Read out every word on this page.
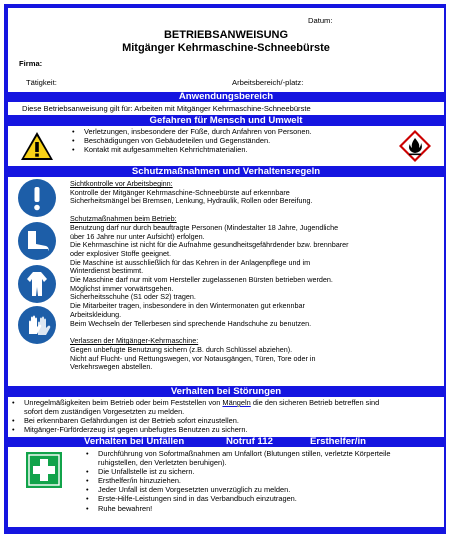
Datum:
BETRIEBSANWEISUNG
Mitgänger Kehrmaschine-Schneebürste
Firma:
Tätigkeit:	Arbeitsbereich/-platz:
Anwendungsbereich
Diese Betriebsanweisung gilt für: Arbeiten mit Mitgänger Kehrmaschine-Schneebürste
Gefahren für Mensch und Umwelt
• Verletzungen, insbesondere der Füße, durch Anfahren von Personen.
• Beschädigungen von Gebäudeteilen und Gegenständen.
• Kontakt mit aufgesammelten Kehrrichtmaterialien.
Schutzmaßnahmen und Verhaltensregeln
Sichtkontrolle vor Arbeitsbeginn:
Kontrolle der Mitgänger Kehrmaschine-Schneebürste auf erkennbare
Sicherheitsmängel bei Bremsen, Lenkung, Hydraulik, Rollen oder Bereifung.
Schutzmaßnahmen beim Betrieb:
Benutzung darf nur durch beauftragte Personen (Mindestalter 18 Jahre, Jugendliche
über 16 Jahre nur unter Aufsicht) erfolgen.
Die Kehrmaschine ist nicht für die Aufnahme gesundheitsgefährdender bzw. brennbarer
oder explosiver Stoffe geeignet.
Die Maschine ist ausschließlich für das Kehren in der Anlagenpflege und im
Winterdienst bestimmt.
Die Maschine darf nur mit vom Hersteller zugelassenen Bürsten betrieben werden.
Möglichst immer vorwärtsgehen.
Sicherheitsschuhe (S1 oder S2) tragen.
Die Mitarbeiter tragen, insbesondere in den Wintermonaten gut erkennbar
Arbeitskleidung.
Beim Wechseln der Tellerbesen sind sprechende Handschuhe zu benutzen.
Verlassen der Mitgänger-Kehrmaschine:
Gegen unbefugte Benutzung sichern (z.B. durch Schlüssel abziehen).
Nicht auf Flucht- und Rettungswegen, vor Notausgängen, Türen, Tore oder in
Verkehrswegen abstellen.
Verhalten bei Störungen
• Unregelmäßigkeiten beim Betrieb oder beim Feststellen von Mängeln die den sicheren Betrieb betreffen sind
sofort dem zuständigen Vorgesetzten zu melden.
• Bei erkennbaren Gefährdungen ist der Betrieb sofort einzustellen.
• Mitgänger-Fürförderzeug ist gegen unbefugtes Benutzen zu sichern.
Verhalten bei Unfällen	Notruf 112	Ersthelfer/in
• Durchführung von Sofortmaßnahmen am Unfallort (Blutungen stillen, verletzte Körperteile
ruhigstellen, den Verletzten beruhigen).
• Die Unfallstelle ist zu sichern.
• Ersthelfer/in hinzuziehen.
• Jeder Unfall ist dem Vorgesetzten unverzüglich zu melden.
• Erste-Hilfe-Leistungen sind in das Verbandbuch einzutragen.
• Ruhe bewahren!
